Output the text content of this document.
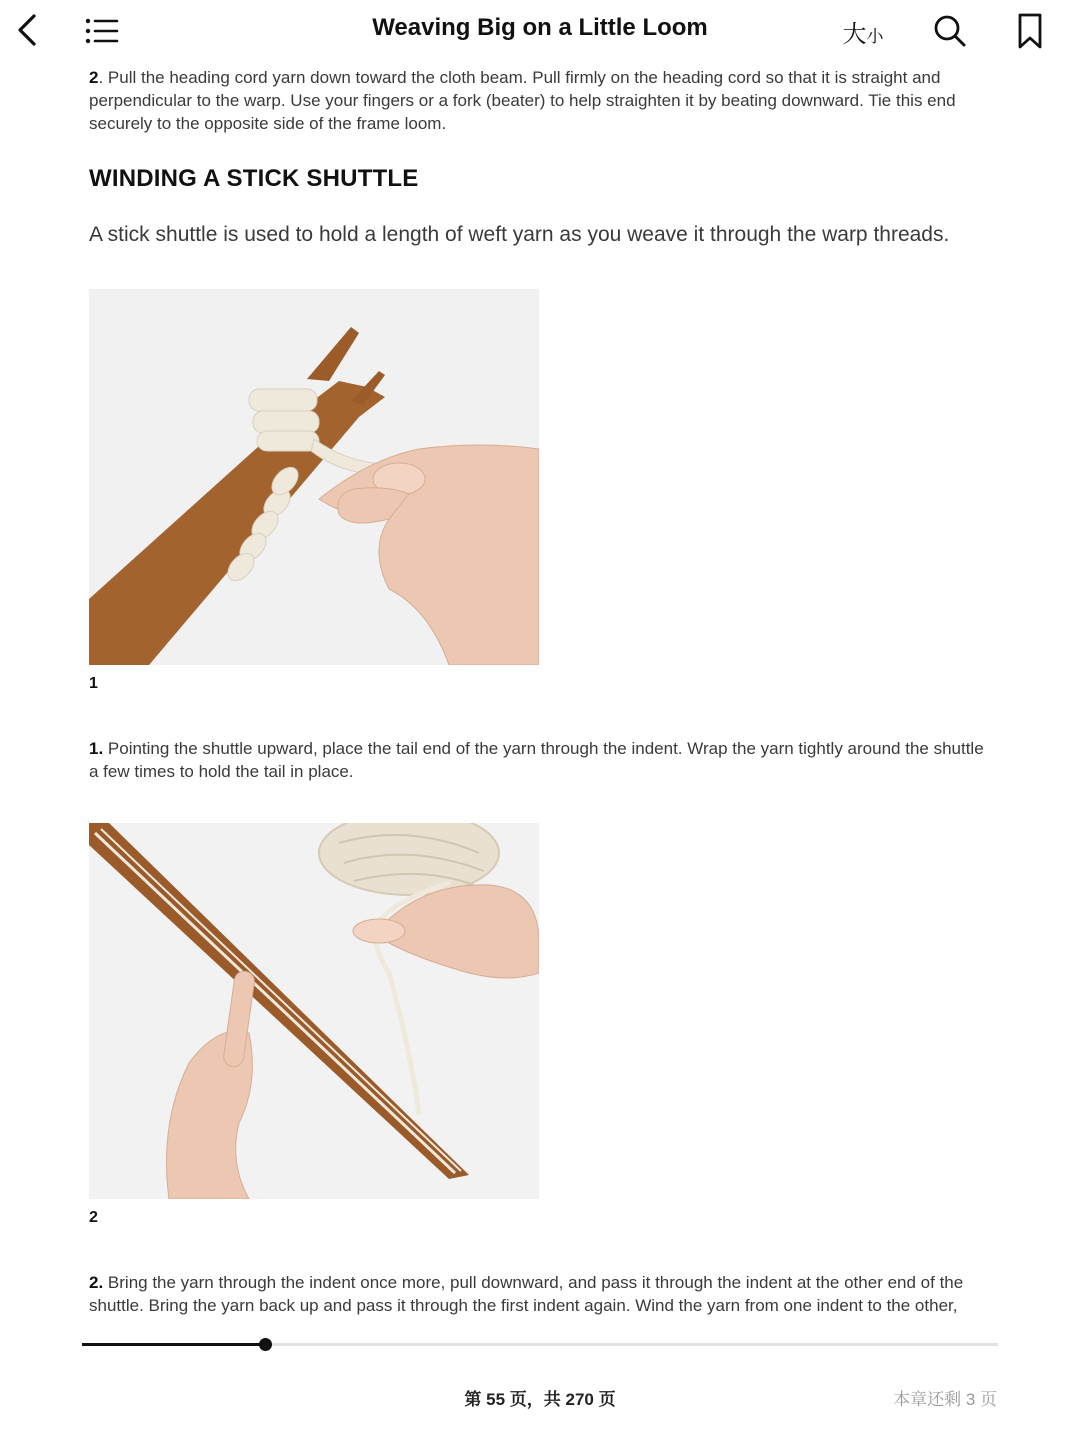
Weaving Big on a Little Loom	大 小

2. Pull the heading cord yarn down toward the cloth beam. Pull firmly on the heading cord so that it is straight and perpendicular to the warp. Use your fingers or a fork (beater) to help straighten it by beating downward. Tie this end securely to the opposite side of the frame loom.

WINDING A STICK SHUTTLE

A stick shuttle is used to hold a length of weft yarn as you weave it through the warp threads.

1

1. Pointing the shuttle upward, place the tail end of the yarn through the indent. Wrap the yarn tightly around the shuttle a few times to hold the tail in place.

2

2. Bring the yarn through the indent once more, pull downward, and pass it through the indent at the other end of the shuttle. Bring the yarn back up and pass it through the first indent again. Wind the yarn from one indent to the other,

第 55 页，共 270 页	本章还剩 3 页
